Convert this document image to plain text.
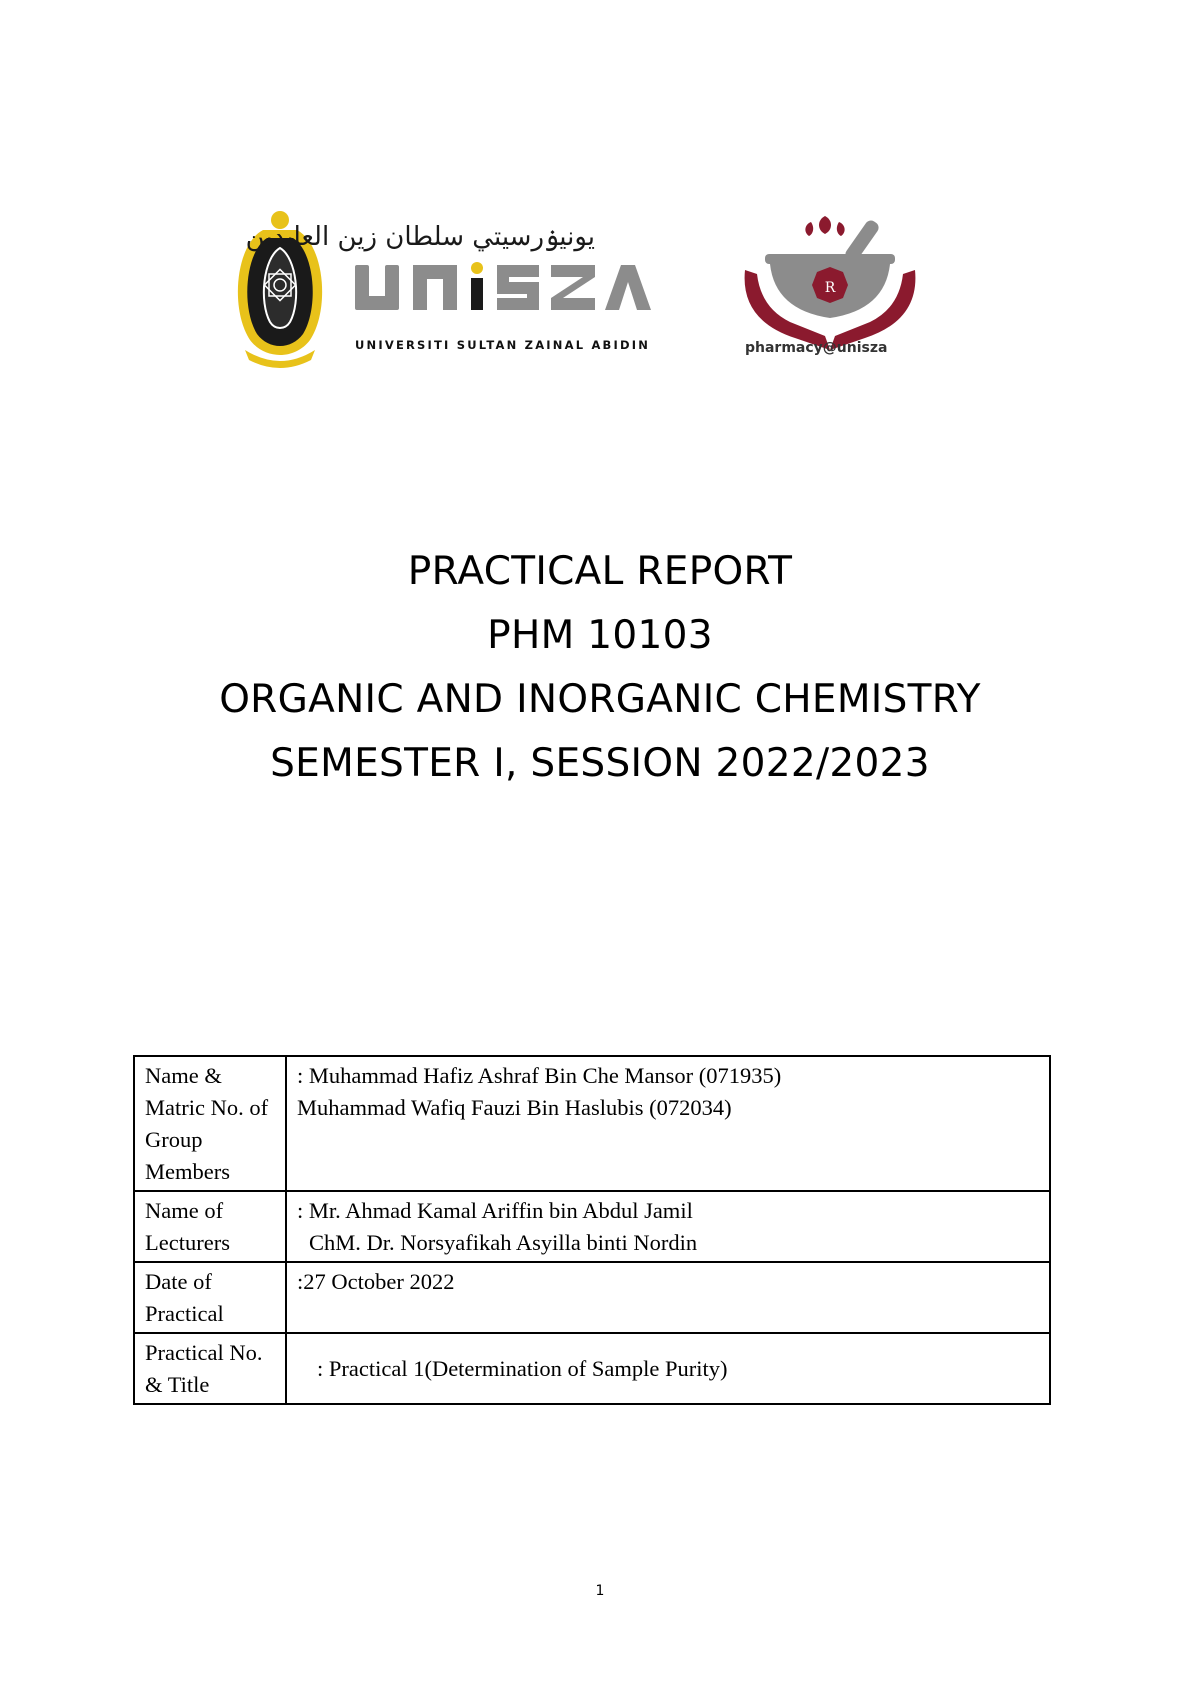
يونيۏرسيتي سلطان زين العابدين
UNIVERSITI SULTAN ZAINAL ABIDIN
R
pharmacy@unisza
PRACTICAL REPORT
PHM 10103
ORGANIC AND INORGANIC CHEMISTRY
SEMESTER I, SESSION 2022/2023
Name & Matric No. of Group Members	: Muhammad Hafiz Ashraf Bin Che Mansor (071935)
Muhammad Wafiq Fauzi Bin Haslubis (072034)

Name of Lecturers	: Mr. Ahmad Kamal Ariffin bin Abdul Jamil
ChM. Dr. Norsyafikah Asyilla binti Nordin

Date of Practical	:27 October 2022
Practical No. & Title	: Practical 1(Determination of Sample Purity)
1
